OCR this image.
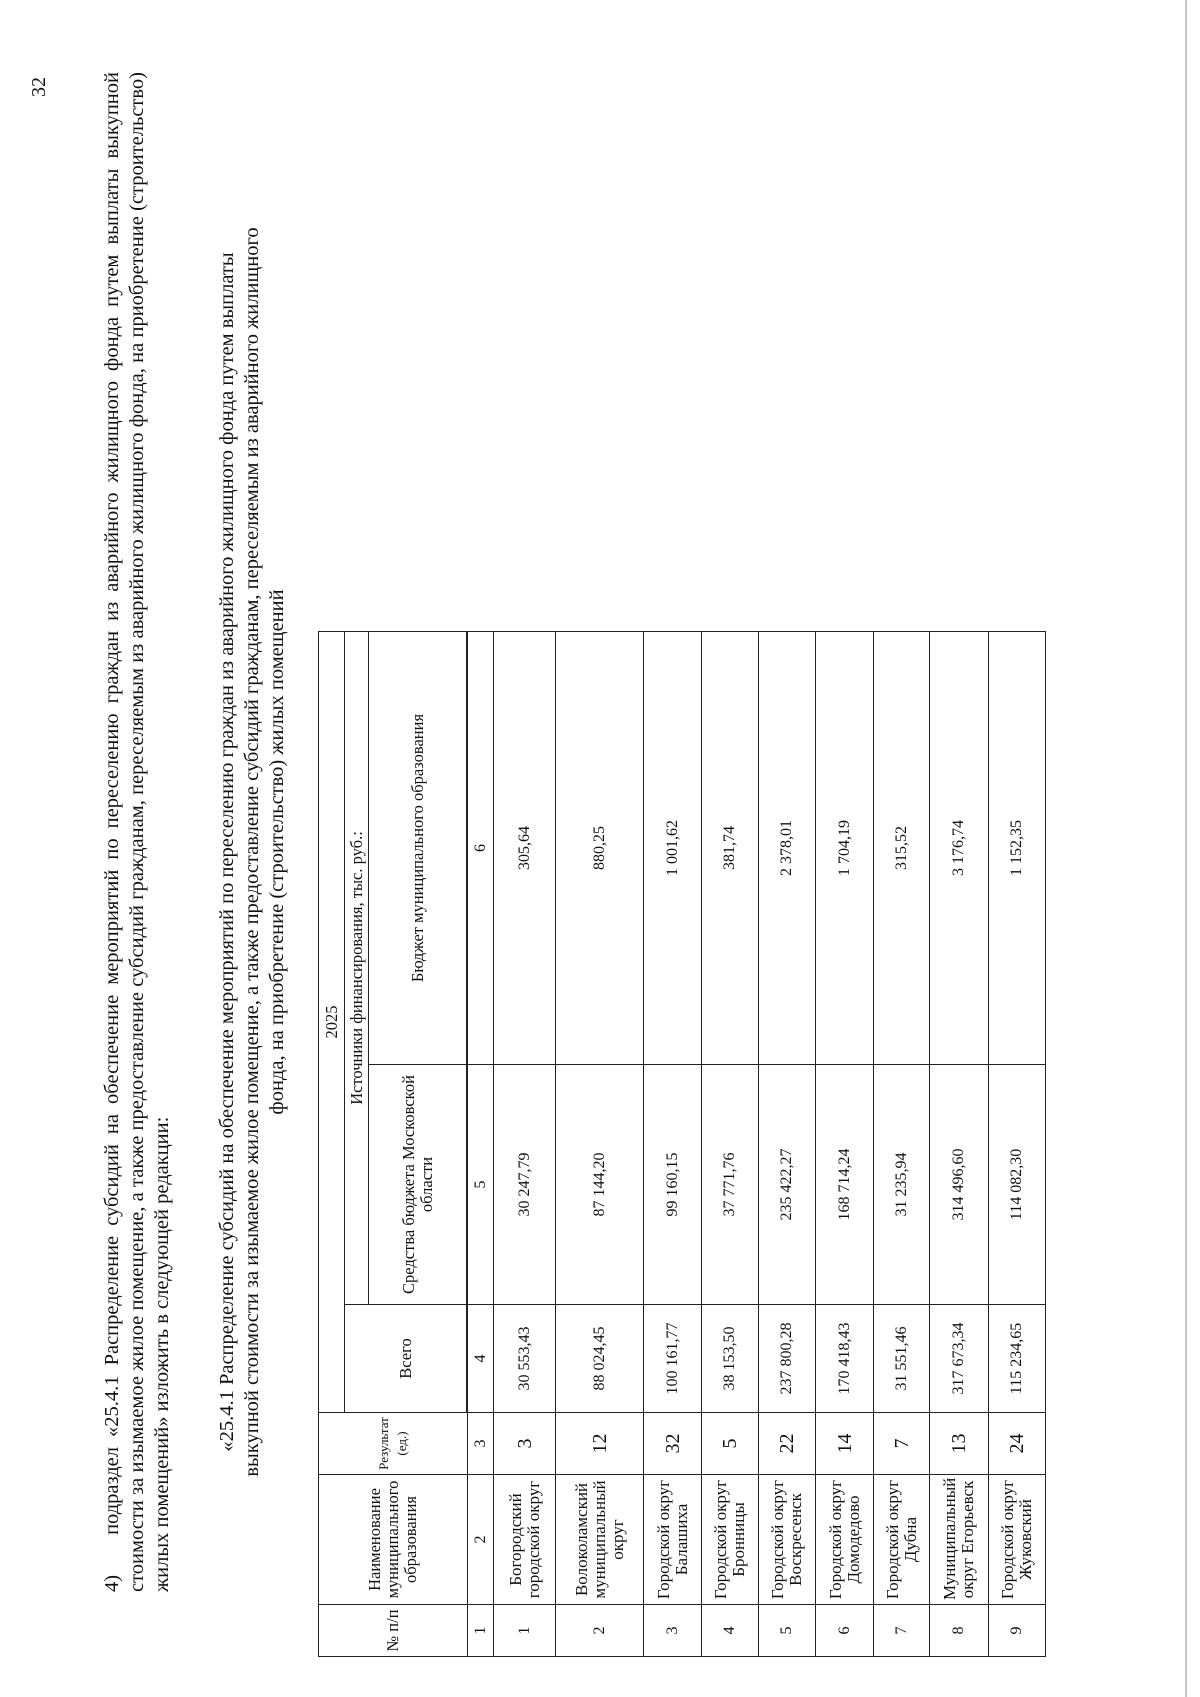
32
4)подраздел «25.4.1 Распределение субсидий на обеспечение мероприятий по переселению граждан из аварийного жилищного фонда путем выплаты выкупной стоимости за изымаемое жилое помещение, а также предоставление субсидий гражданам, переселяемым из аварийного жилищного фонда, на приобретение (строительство) жилых помещений» изложить в следующей редакции: «25.4.1 Распределение субсидий на обеспечение мероприятий по переселению граждан из аварийного жилищного фонда путем выплаты выкупной стоимости за изымаемое жилое помещение, а также предоставление субсидий гражданам, переселяемым из аварийного жилищного фонда, на приобретение (строительство) жилых помещений
№ п/п	Наименование муниципального образования	Результат (ед.)	2025		
			Всего	Источники финансирования, тыс. руб.:	
				Средства бюджета Московской области	Бюджет муниципального образования

1	2	3	4	5	6
1	Богородский городской округ	3	30 553,43	30 247,79	305,64
2	Волоколамский муниципальный округ	12	88 024,45	87 144,20	880,25
3	Городской округ Балашиха	32	100 161,77	99 160,15	1 001,62
4	Городской округ Бронницы	5	38 153,50	37 771,76	381,74
5	Городской округ Воскресенск	22	237 800,28	235 422,27	2 378,01
6	Городской округ Домодедово	14	170 418,43	168 714,24	1 704,19
7	Городской округ Дубна	7	31 551,46	31 235,94	315,52
8	Муниципальный округ Егорьевск	13	317 673,34	314 496,60	3 176,74
9	Городской округ Жуковский	24	115 234,65	114 082,30	1 152,35
